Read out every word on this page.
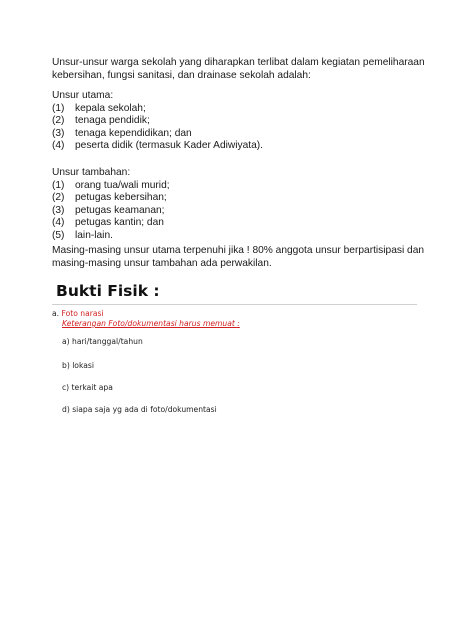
Unsur-unsur warga sekolah yang diharapkan terlibat dalam kegiatan pemeliharaan
kebersihan, fungsi sanitasi, dan drainase sekolah adalah:
Unsur utama:
(1)	kepala sekolah;
(2)	tenaga pendidik;
(3)	tenaga kependidikan; dan
(4)	peserta didik (termasuk Kader Adiwiyata).
Unsur tambahan:
(1)	orang tua/wali murid;
(2)	petugas kebersihan;
(3)	petugas keamanan;
(4)	petugas kantin; dan
(5)	lain-lain.
Masing-masing unsur utama terpenuhi jika ! 80% anggota unsur berpartisipasi dan
masing-masing unsur tambahan ada perwakilan.
Bukti Fisik :
a. Foto narasi
Keterangan Foto/dokumentasi harus memuat :
a) hari/tanggal/tahun
b) lokasi
c) terkait apa
d) siapa saja yg ada di foto/dokumentasi
